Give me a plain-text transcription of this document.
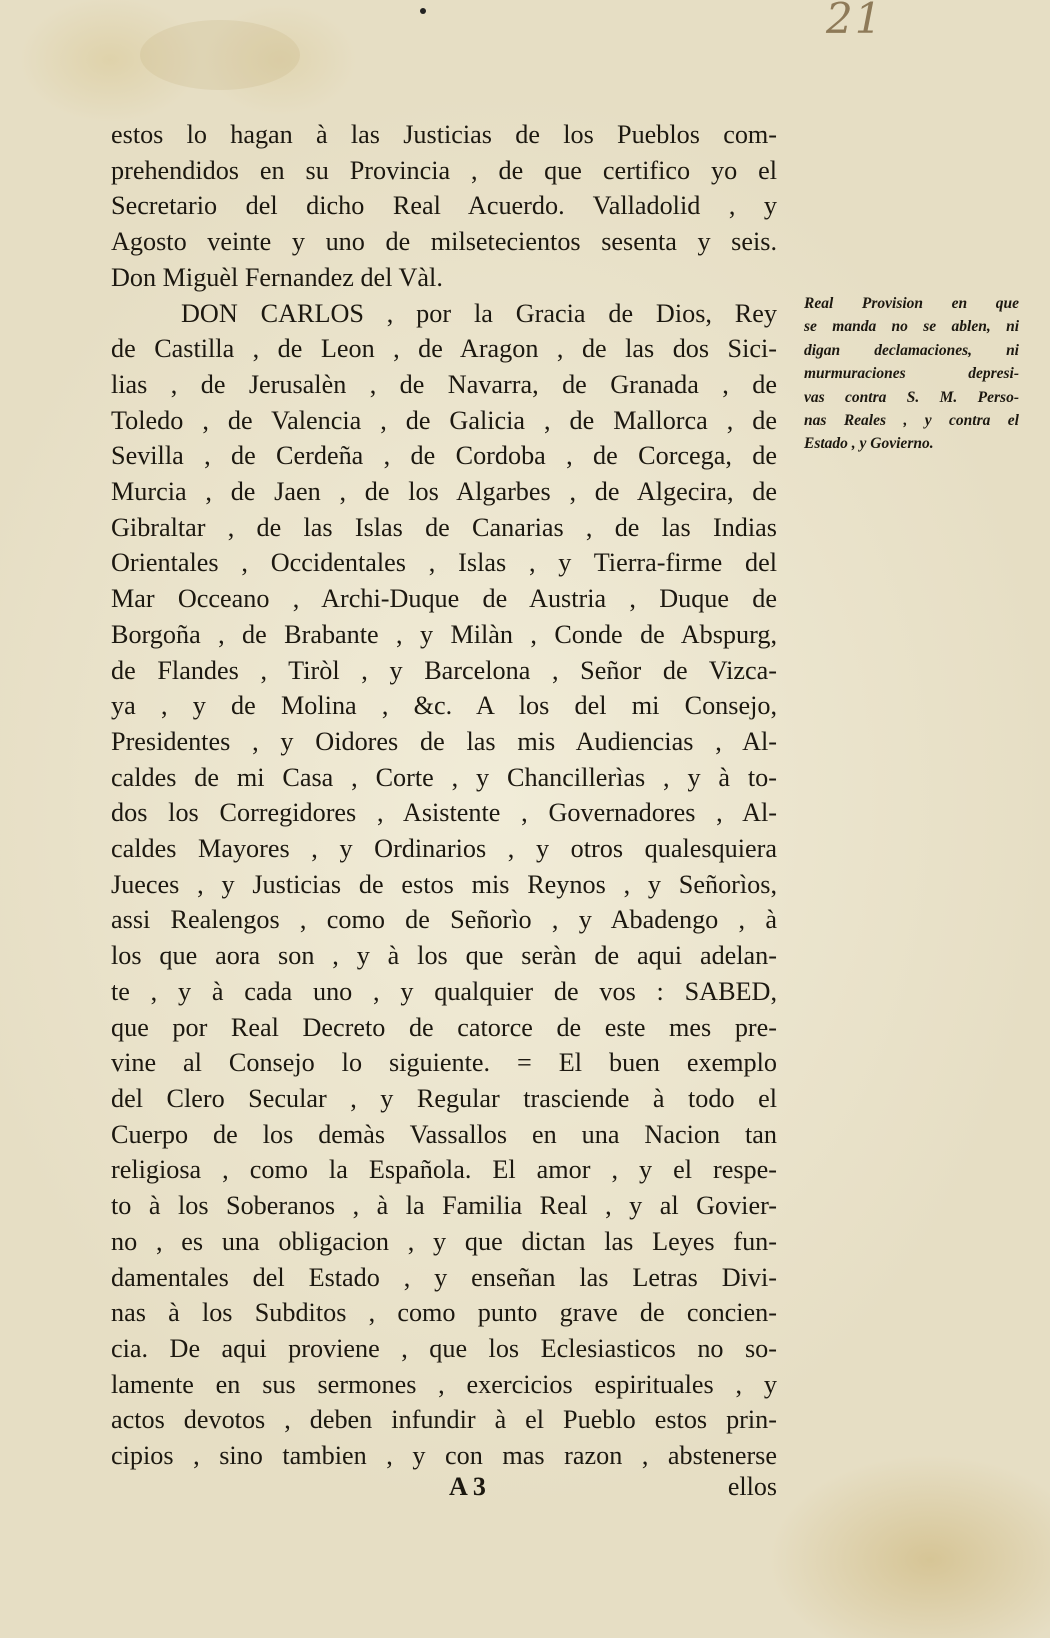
21
estos lo hagan à las Justicias de los Pueblos com-
prehendidos en su Provincia , de que certifico yo el
Secretario del dicho Real Acuerdo. Valladolid , y
Agosto veinte y uno de milsetecientos sesenta y seis.
Don Miguèl Fernandez del Vàl.
DON CARLOS , por la Gracia de Dios, Rey
de Castilla , de Leon , de Aragon , de las dos Sici-
lias , de Jerusalèn , de Navarra, de Granada , de
Toledo , de Valencia , de Galicia , de Mallorca , de
Sevilla , de Cerdeña , de Cordoba , de Corcega, de
Murcia , de Jaen , de los Algarbes , de Algecira, de
Gibraltar , de las Islas de Canarias , de las Indias
Orientales , Occidentales , Islas , y Tierra-firme del
Mar Occeano , Archi-Duque de Austria , Duque de
Borgoña , de Brabante , y Milàn , Conde de Abspurg,
de Flandes , Tiròl , y Barcelona , Señor de Vizca-
ya , y de Molina , &c. A los del mi Consejo,
Presidentes , y Oidores de las mis Audiencias , Al-
caldes de mi Casa , Corte , y Chancillerìas , y à to-
dos los Corregidores , Asistente , Governadores , Al-
caldes Mayores , y Ordinarios , y otros qualesquiera
Jueces , y Justicias de estos mis Reynos , y Señorìos,
assi Realengos , como de Señorìo , y Abadengo , à
los que aora son , y à los que seràn de aqui adelan-
te , y à cada uno , y qualquier de vos : SABED,
que por Real Decreto de catorce de este mes pre-
vine al Consejo lo siguiente. = El buen exemplo
del Clero Secular , y Regular trasciende à todo el
Cuerpo de los demàs Vassallos en una Nacion tan
religiosa , como la Española. El amor , y el respe-
to à los Soberanos , à la Familia Real , y al Govier-
no , es una obligacion , y que dictan las Leyes fun-
damentales del Estado , y enseñan las Letras Divi-
nas à los Subditos , como punto grave de concien-
cia. De aqui proviene , que los Eclesiasticos no so-
lamente en sus sermones , exercicios espirituales , y
actos devotos , deben infundir à el Pueblo estos prin-
cipios , sino tambien , y con mas razon , abstenerse
A 3	ellos
Real Provision en que
se manda no se ablen, ni
digan declamaciones, ni
murmuraciones depresi-
vas contra S. M. Perso-
nas Reales , y contra el
Estado , y Govierno.
